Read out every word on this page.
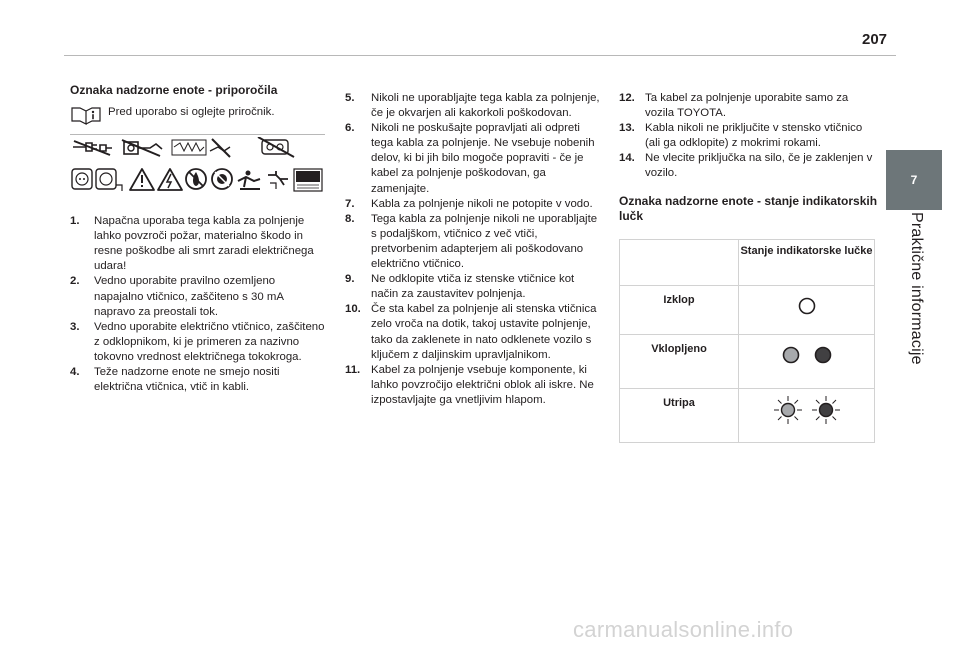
207
7
Praktične informacije
Oznaka nadzorne enote - priporočila
Pred uporabo si oglejte priročnik.
1.	Napačna uporaba tega kabla za polnjenje lahko povzroči požar, materialno škodo in resne poškodbe ali smrt zaradi električnega udara!
2.	Vedno uporabite pravilno ozemljeno napajalno vtičnico, zaščiteno s 30 mA napravo za preostali tok.
3.	Vedno uporabite električno vtičnico, zaščiteno z odklopnikom, ki je primeren za nazivno tokovno vrednost električnega tokokroga.
4.	Teže nadzorne enote ne smejo nositi električna vtičnica, vtič in kabli.
5.	Nikoli ne uporabljajte tega kabla za polnjenje, če je okvarjen ali kakorkoli poškodovan.
6.	Nikoli ne poskušajte popravljati ali odpreti tega kabla za polnjenje. Ne vsebuje nobenih delov, ki bi jih bilo mogoče popraviti - če je kabel za polnjenje poškodovan, ga zamenjajte.
7.	Kabla za polnjenje nikoli ne potopite v vodo.
8.	Tega kabla za polnjenje nikoli ne uporabljajte s podaljškom, vtičnico z več vtiči, pretvorbenim adapterjem ali poškodovano električno vtičnico.
9.	Ne odklopite vtiča iz stenske vtičnice kot način za zaustavitev polnjenja.
10. Če sta kabel za polnjenje ali stenska vtičnica zelo vroča na dotik, takoj ustavite polnjenje, tako da zaklenete in nato odklenete vozilo s ključem z daljinskim upravljalnikom.
11. Kabel za polnjenje vsebuje komponente, ki lahko povzročijo električni oblok ali iskre. Ne izpostavljajte ga vnetljivim hlapom.
12. Ta kabel za polnjenje uporabite samo za vozila TOYOTA.
13. Kabla nikoli ne priključite v stensko vtičnico (ali ga odklopite) z mokrimi rokami.
14. Ne vlecite priključka na silo, če je zaklenjen v vozilo.
Oznaka nadzorne enote - stanje indikatorskih lučk
	Stanje indikatorske lučke
Izklop	

Vklopljeno	

Utripa	
carmanualsonline.info
